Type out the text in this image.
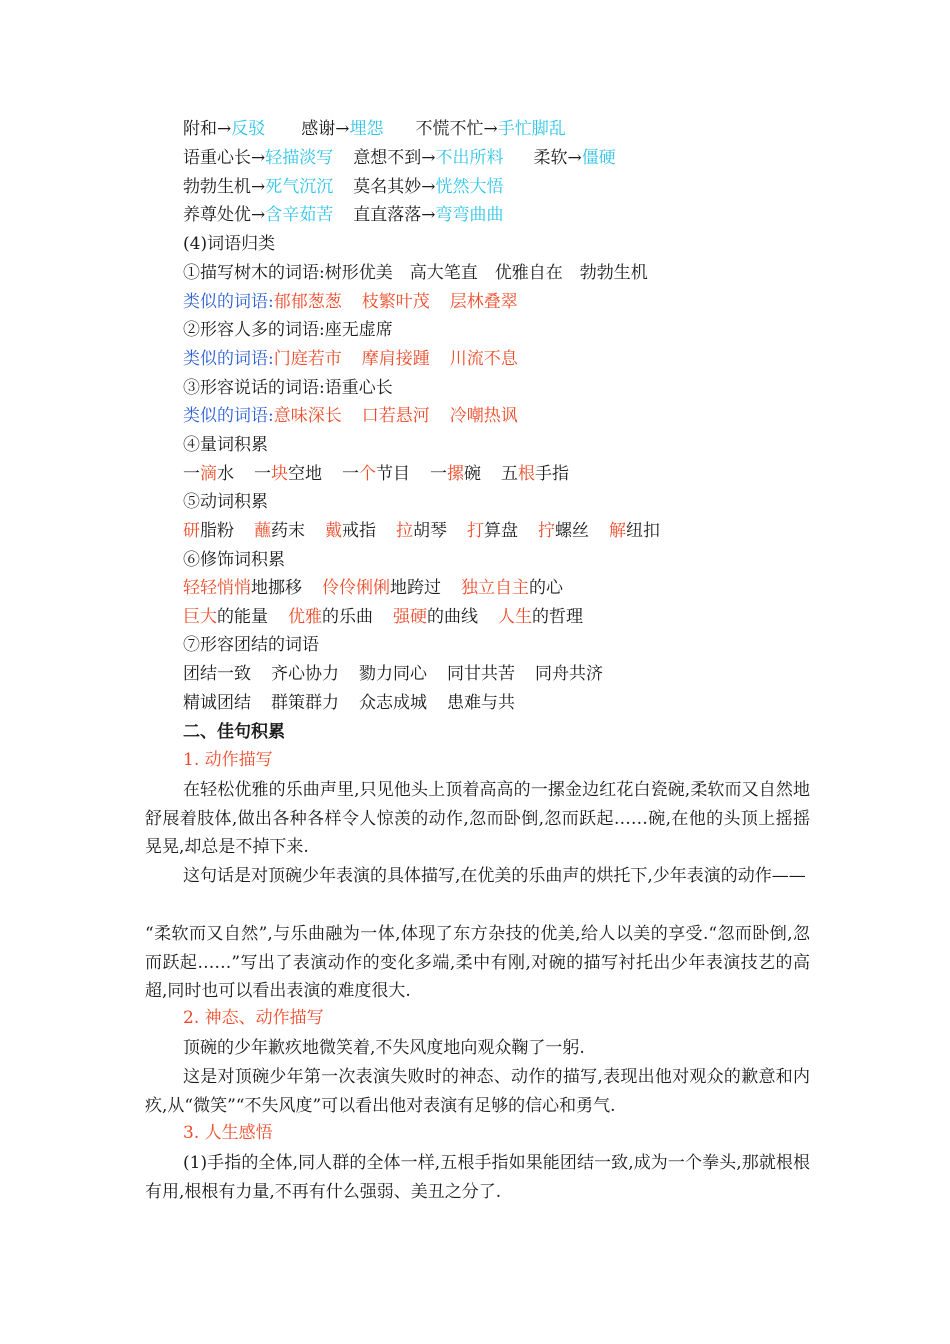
附和→反驳 感谢→埋怨 不慌不忙→手忙脚乱
语重心长→轻描淡写 意想不到→不出所料 柔软→僵硬
勃勃生机→死气沉沉 莫名其妙→恍然大悟
养尊处优→含辛茹苦 直直落落→弯弯曲曲
(4)词语归类
①描写树木的词语:树形优美　高大笔直　优雅自在　勃勃生机
类似的词语:郁郁葱葱 枝繁叶茂 层林叠翠
②形容人多的词语:座无虚席
类似的词语:门庭若市 摩肩接踵 川流不息
③形容说话的词语:语重心长
类似的词语:意味深长 口若悬河 冷嘲热讽
④量词积累
一滴水 一块空地 一个节目 一摞碗 五根手指
⑤动词积累
研脂粉 蘸药末 戴戒指 拉胡琴 打算盘 拧螺丝 解纽扣
⑥修饰词积累
轻轻悄悄地挪移 伶伶俐俐地跨过 独立自主的心
巨大的能量 优雅的乐曲 强硬的曲线 人生的哲理
⑦形容团结的词语
团结一致 齐心协力 勠力同心 同甘共苦 同舟共济
精诚团结 群策群力 众志成城 患难与共
二、佳句积累
1. 动作描写
在轻松优雅的乐曲声里,只见他头上顶着高高的一摞金边红花白瓷碗,柔软而又自然地舒展着肢体,做出各种各样令人惊羡的动作,忽而卧倒,忽而跃起……碗,在他的头顶上摇摇晃晃,却总是不掉下来.
这句话是对顶碗少年表演的具体描写,在优美的乐曲声的烘托下,少年表演的动作——
“柔软而又自然”,与乐曲融为一体,体现了东方杂技的优美,给人以美的享受.“忽而卧倒,忽而跃起……”写出了表演动作的变化多端,柔中有刚,对碗的描写衬托出少年表演技艺的高超,同时也可以看出表演的难度很大.
2. 神态、动作描写
顶碗的少年歉疚地微笑着,不失风度地向观众鞠了一躬.
这是对顶碗少年第一次表演失败时的神态、动作的描写,表现出他对观众的歉意和内疚,从“微笑”“不失风度”可以看出他对表演有足够的信心和勇气.
3. 人生感悟
(1)手指的全体,同人群的全体一样,五根手指如果能团结一致,成为一个拳头,那就根根有用,根根有力量,不再有什么强弱、美丑之分了.
